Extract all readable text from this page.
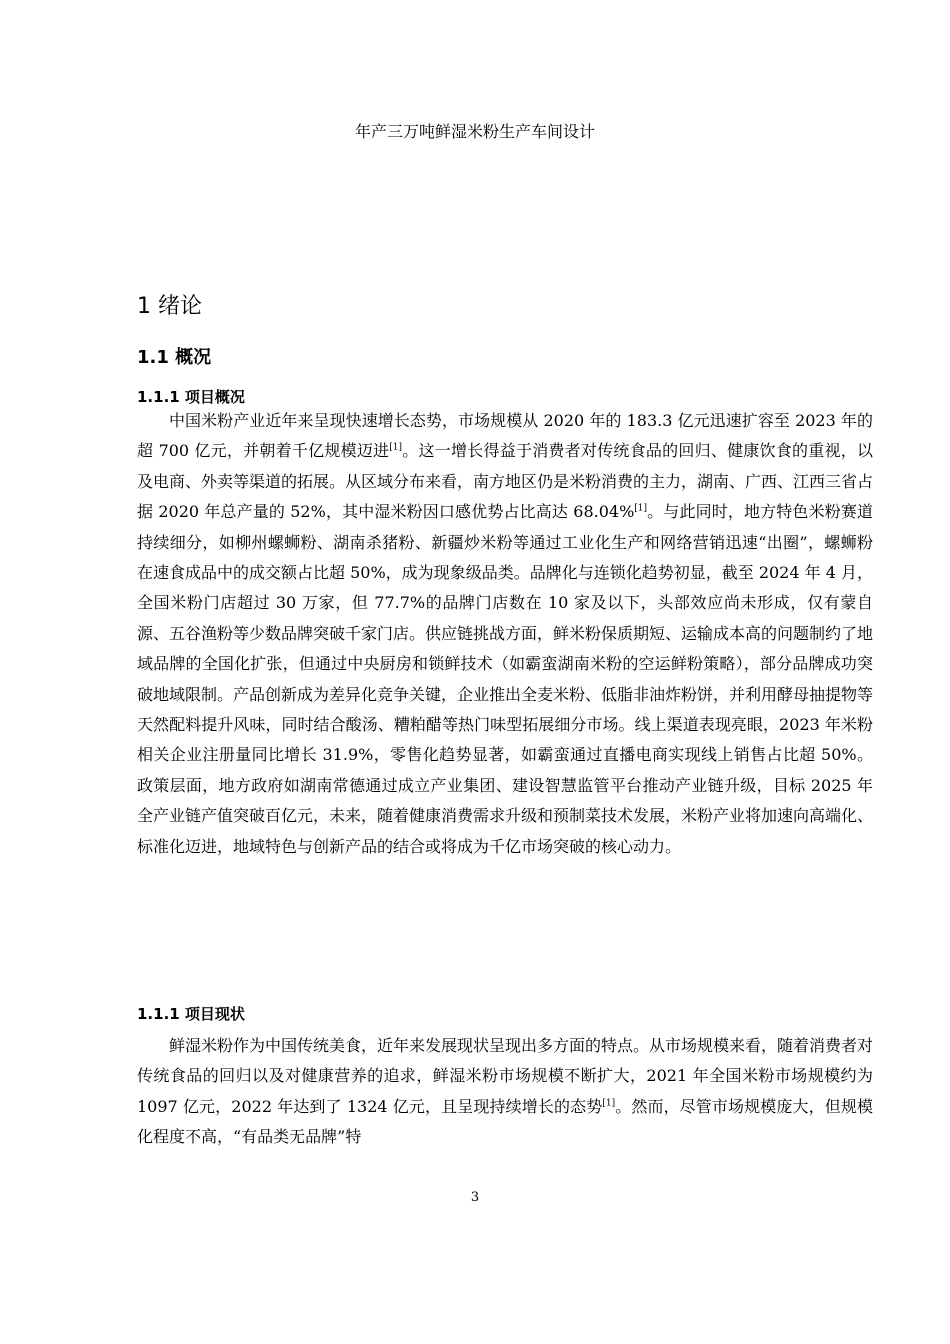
年产三万吨鲜湿米粉生产车间设计
1 绪论
1.1 概况
1.1.1 项目概况

中国米粉产业近年来呈现快速增长态势，市场规模从 2020 年的 183.3 亿元迅速扩容至 2023 年的超 700 亿元，并朝着千亿规模迈进[1]。这一增长得益于消费者对传统食品的回归、健康饮食的重视，以及电商、外卖等渠道的拓展。从区域分布来看，南方地区仍是米粉消费的主力，湖南、广西、江西三省占据 2020 年总产量的 52%，其中湿米粉因口感优势占比高达 68.04%[1]。与此同时，地方特色米粉赛道持续细分，如柳州螺蛳粉、湖南杀猪粉、新疆炒米粉等通过工业化生产和网络营销迅速“出圈”，螺蛳粉在速食成品中的成交额占比超 50%，成为现象级品类。品牌化与连锁化趋势初显，截至 2024 年 4 月，全国米粉门店超过 30 万家，但 77.7%的品牌门店数在 10 家及以下，头部效应尚未形成，仅有蒙自源、五谷渔粉等少数品牌突破千家门店。供应链挑战方面，鲜米粉保质期短、运输成本高的问题制约了地域品牌的全国化扩张，但通过中央厨房和锁鲜技术（如霸蛮湖南米粉的空运鲜粉策略），部分品牌成功突破地域限制。产品创新成为差异化竞争关键，企业推出全麦米粉、低脂非油炸粉饼，并利用酵母抽提物等天然配料提升风味，同时结合酸汤、糟粕醋等热门味型拓展细分市场。线上渠道表现亮眼，2023 年米粉相关企业注册量同比增长 31.9%，零售化趋势显著，如霸蛮通过直播电商实现线上销售占比超 50%。政策层面，地方政府如湖南常德通过成立产业集团、建设智慧监管平台推动产业链升级，目标 2025 年全产业链产值突破百亿元，未来，随着健康消费需求升级和预制菜技术发展，米粉产业将加速向高端化、标准化迈进，地域特色与创新产品的结合或将成为千亿市场突破的核心动力。

1.1.1 项目现状

鲜湿米粉作为中国传统美食，近年来发展现状呈现出多方面的特点。从市场规模来看，随着消费者对传统食品的回归以及对健康营养的追求，鲜湿米粉市场规模不断扩大，2021 年全国米粉市场规模约为 1097 亿元，2022 年达到了 1324 亿元，且呈现持续增长的态势[1]。然而，尽管市场规模庞大，但规模化程度不高，“有品类无品牌”特

3
